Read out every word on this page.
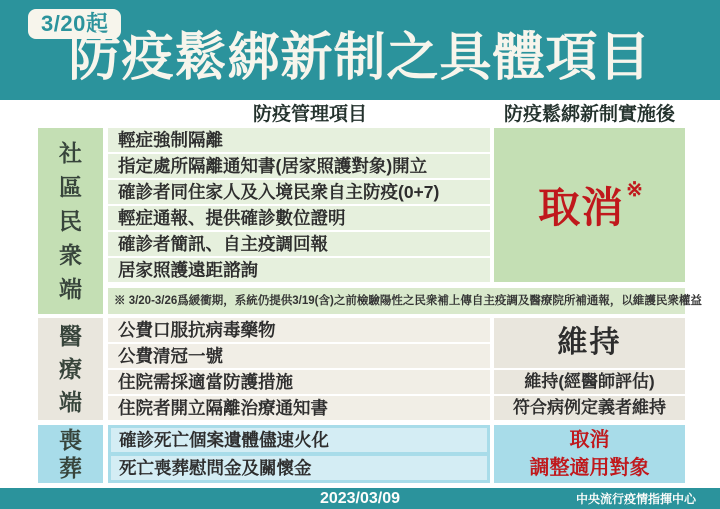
3/20起
防疫鬆綁新制之具體項目
防疫管理項目	防疫鬆綁新制實施後
社
區
民
衆
端
輕症強制隔離
指定處所隔離通知書(居家照護對象)開立
確診者同住家人及入境民衆自主防疫(0+7)
輕症通報、提供確診數位證明
確診者簡訊、自主疫調回報
居家照護遠距諮詢
取消 ※
※ 3/20-3/26爲緩衝期，系統仍提供3/19(含)之前檢驗陽性之民衆補上傳自主疫調及醫療院所補通報，以維護民衆權益
醫
療
端
公費口服抗病毒藥物
公費清冠一號
住院需採適當防護措施
住院者開立隔離治療通知書
維持
維持(經醫師評估)
符合病例定義者維持
喪
葬
確診死亡個案遺體儘速火化
死亡喪葬慰問金及關懷金
取消
調整適用對象
2023/03/09	中央流行疫情指揮中心
